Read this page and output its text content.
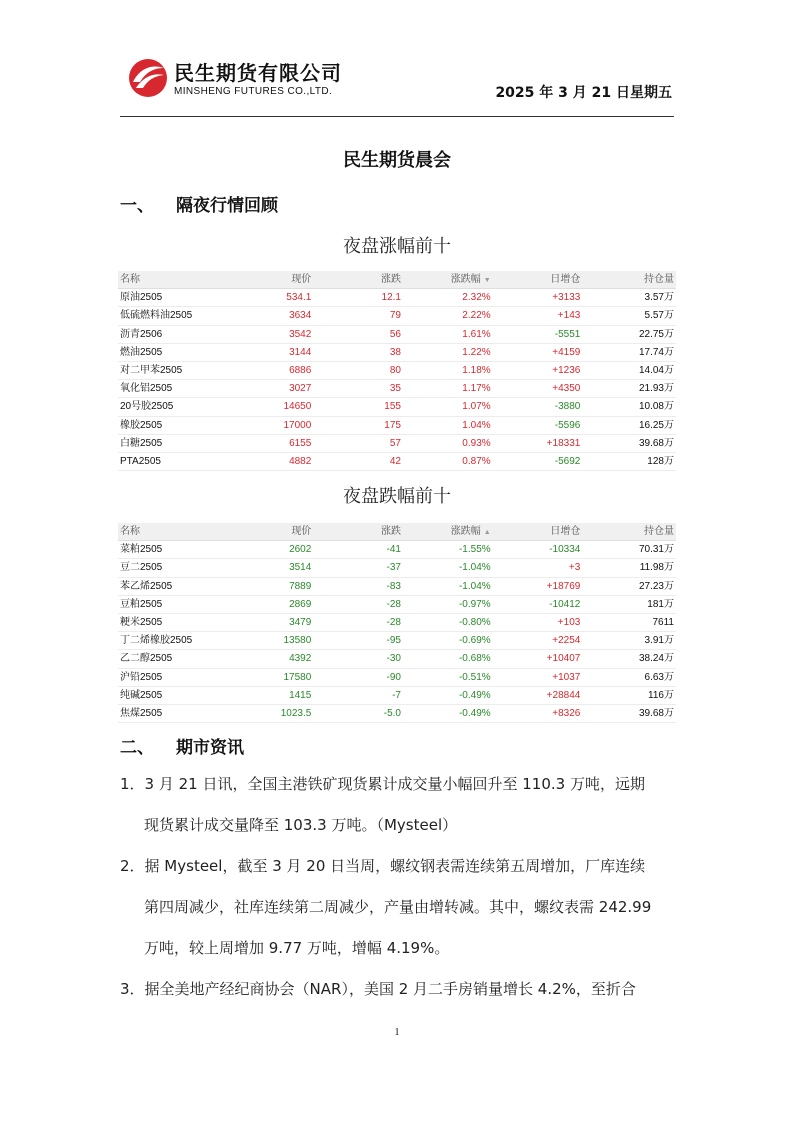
民生期货有限公司
MINSHENG FUTURES CO.,LTD.	2025 年 3 月 21 日星期五
民生期货晨会
一、 隔夜行情回顾
夜盘涨幅前十
名称	现价	涨跌	涨跌幅 ▼	日增仓	持仓量
原油2505	534.1	12.1	2.32%	+3133	3.57万
低硫燃料油2505	3634	79	2.22%	+143	5.57万
沥青2506	3542	56	1.61%	-5551	22.75万
燃油2505	3144	38	1.22%	+4159	17.74万
对二甲苯2505	6886	80	1.18%	+1236	14.04万
氧化铝2505	3027	35	1.17%	+4350	21.93万
20号胶2505	14650	155	1.07%	-3880	10.08万
橡胶2505	17000	175	1.04%	-5596	16.25万
白糖2505	6155	57	0.93%	+18331	39.68万
PTA2505	4882	42	0.87%	-5692	128万
夜盘跌幅前十
名称	现价	涨跌	涨跌幅 ▲	日增仓	持仓量
菜粕2505	2602	-41	-1.55%	-10334	70.31万
豆二2505	3514	-37	-1.04%	+3	11.98万
苯乙烯2505	7889	-83	-1.04%	+18769	27.23万
豆粕2505	2869	-28	-0.97%	-10412	181万
粳米2505	3479	-28	-0.80%	+103	7611
丁二烯橡胶2505	13580	-95	-0.69%	+2254	3.91万
乙二醇2505	4392	-30	-0.68%	+10407	38.24万
沪铅2505	17580	-90	-0.51%	+1037	6.63万
纯碱2505	1415	-7	-0.49%	+28844	116万
焦煤2505	1023.5	-5.0	-0.49%	+8326	39.68万
二、 期市资讯
1．3 月 21 日讯，全国主港铁矿现货累计成交量小幅回升至 110.3 万吨，远期
现货累计成交量降至 103.3 万吨。（Mysteel）
2．据 Mysteel，截至 3 月 20 日当周，螺纹钢表需连续第五周增加，厂库连续
第四周减少，社库连续第二周减少，产量由增转减。其中，螺纹表需 242.99
万吨，较上周增加 9.77 万吨，增幅 4.19%。
3．据全美地产经纪商协会（NAR），美国 2 月二手房销量增长 4.2%，至折合
1
